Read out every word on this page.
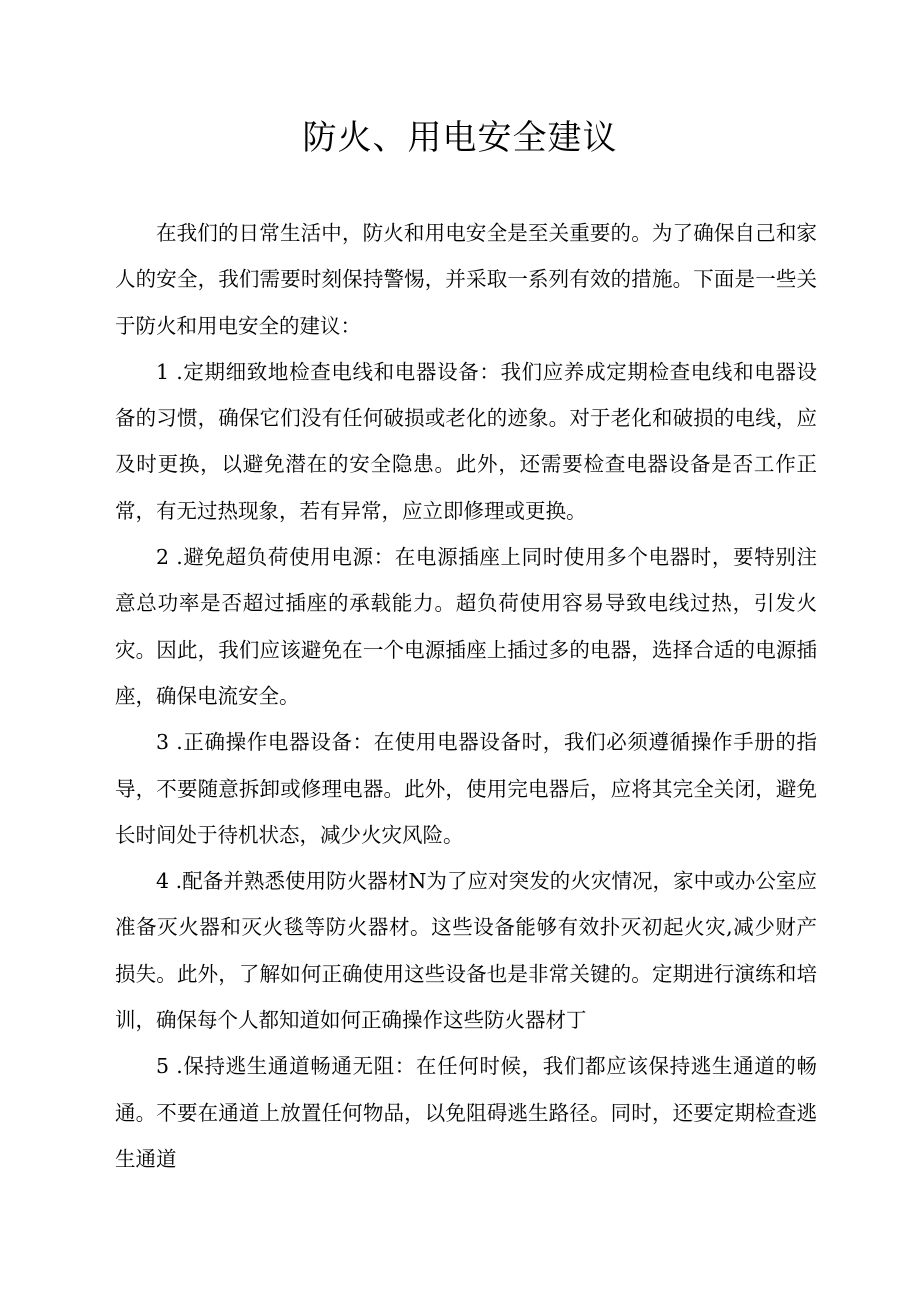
防火、用电安全建议

在我们的日常生活中，防火和用电安全是至关重要的。为了确保自己和家人的安全，我们需要时刻保持警惕，并采取一系列有效的措施。下面是一些关于防火和用电安全的建议：

1 .定期细致地检查电线和电器设备：我们应养成定期检查电线和电器设备的习惯，确保它们没有任何破损或老化的迹象。对于老化和破损的电线，应及时更换，以避免潜在的安全隐患。此外，还需要检查电器设备是否工作正常，有无过热现象，若有异常，应立即修理或更换。

2 .避免超负荷使用电源：在电源插座上同时使用多个电器时，要特别注意总功率是否超过插座的承载能力。超负荷使用容易导致电线过热，引发火灾。因此，我们应该避免在一个电源插座上插过多的电器，选择合适的电源插座，确保电流安全。

3 .正确操作电器设备：在使用电器设备时，我们必须遵循操作手册的指导，不要随意拆卸或修理电器。此外，使用完电器后，应将其完全关闭，避免长时间处于待机状态，减少火灾风险。

4 .配备并熟悉使用防火器材N为了应对突发的火灾情况，家中或办公室应准备灭火器和灭火毯等防火器材。这些设备能够有效扑灭初起火灾,减少财产损失。此外，了解如何正确使用这些设备也是非常关键的。定期进行演练和培训，确保每个人都知道如何正确操作这些防火器材丁

5 .保持逃生通道畅通无阻：在任何时候，我们都应该保持逃生通道的畅通。不要在通道上放置任何物品，以免阻碍逃生路径。同时，还要定期检查逃生通道
